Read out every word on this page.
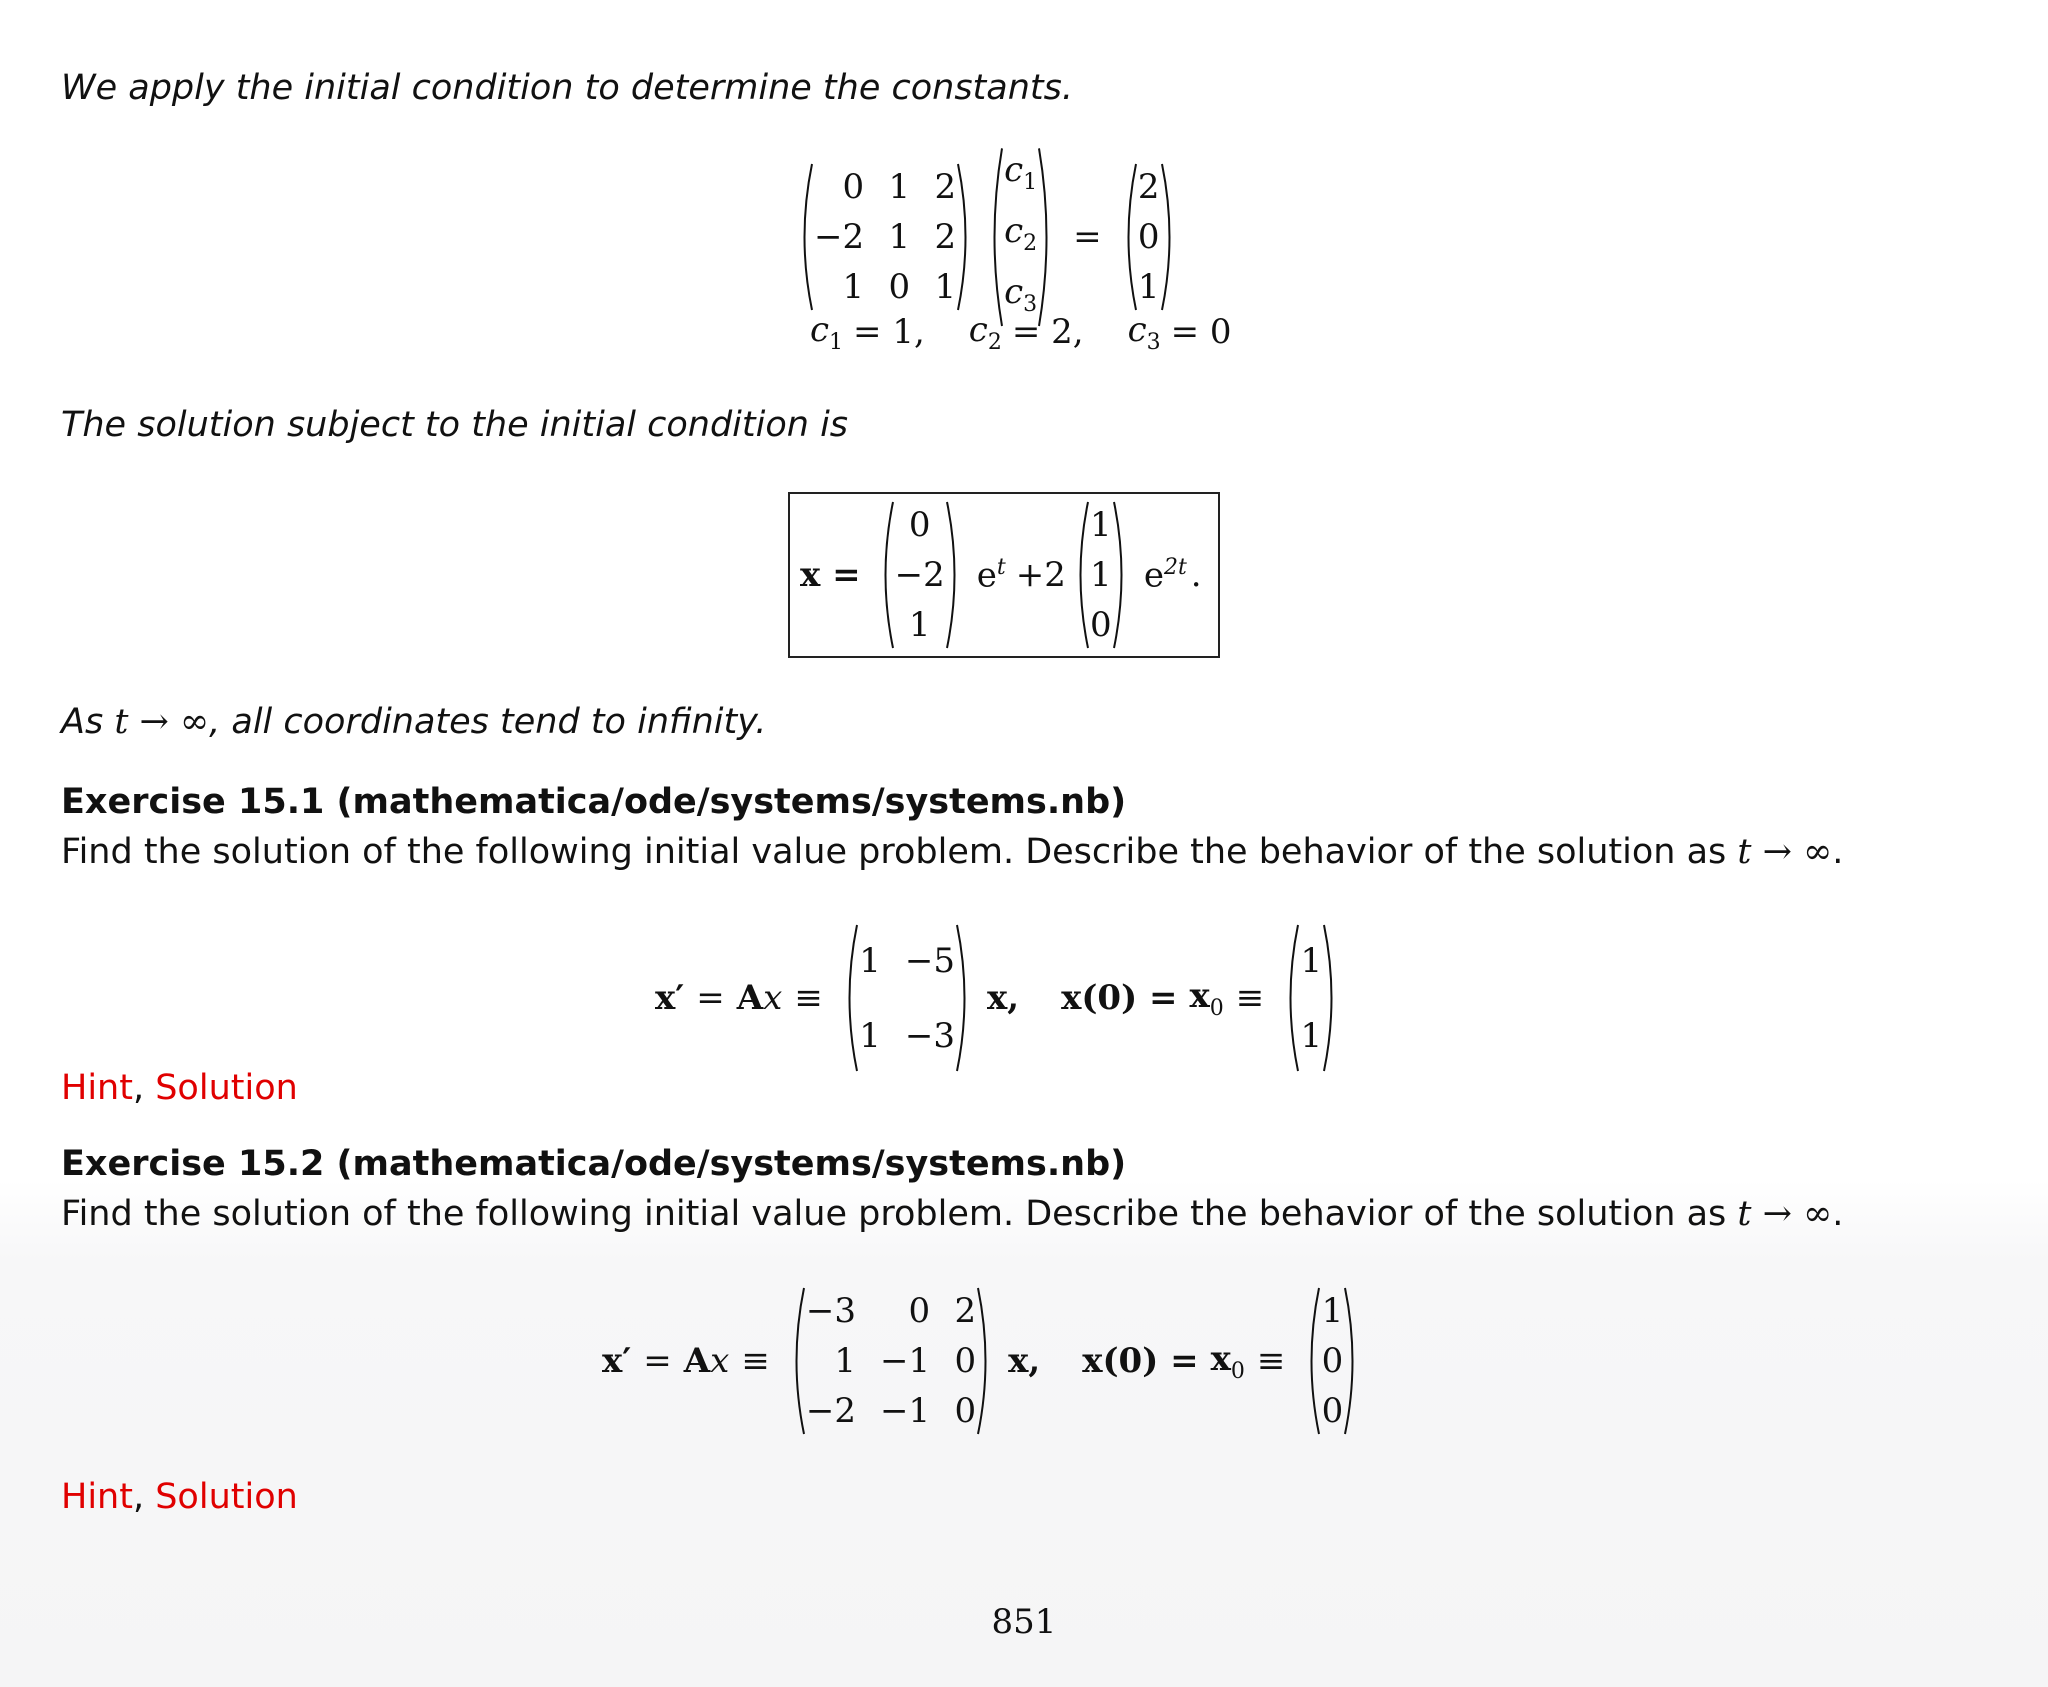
We apply the initial condition to determine the constants.

0 1 2
−2 1 2
1 0 1
$c_1$
$c_2$
$c_3$
=
2
0
1
$c_1 = 1$, $c_2 = 2$, $c_3 = 0$

The solution subject to the initial condition is

x =
0
−2
1
$e^t +2$
1
1
0
$e^{2t}$ .

As t → ∞, all coordinates tend to infinity.

Exercise 15.1 (mathematica/ode/systems/systems.nb)

Find the solution of the following initial value problem. Describe the behavior of the solution as t → ∞.

x′ = Ax ≡
1 −5
1 −3
x, $x(0) = x_0$ ≡
1
1
Hint, Solution

Exercise 15.2 (mathematica/ode/systems/systems.nb)

Find the solution of the following initial value problem. Describe the behavior of the solution as t → ∞.

x′ = Ax ≡
−3	0 2
1 −1 0
−2 −1 0
x, $x(0) = x_0$ ≡
1
0
0
Hint, Solution
851
